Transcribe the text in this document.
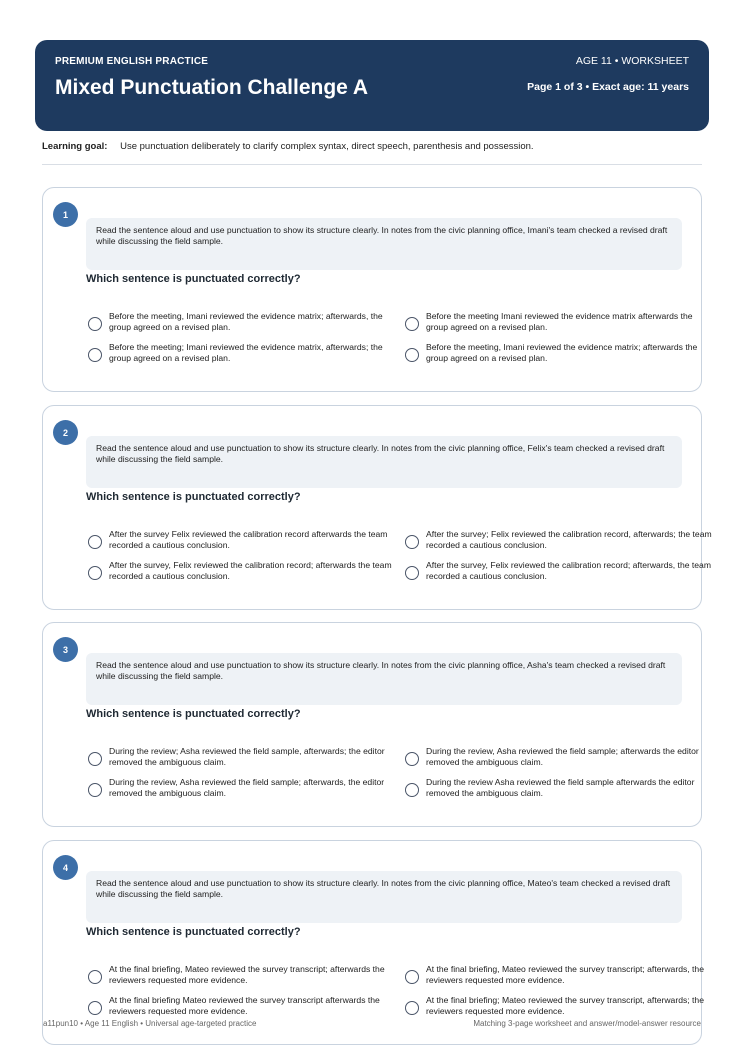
PREMIUM ENGLISH PRACTICE
Mixed Punctuation Challenge A
AGE 11 • WORKSHEET
Page 1 of 3 • Exact age: 11 years
Learning goal: Use punctuation deliberately to clarify complex syntax, direct speech, parenthesis and possession.
1
Read the sentence aloud and use punctuation to show its structure clearly. In notes from the civic planning office, Imani's team checked a revised draft while discussing the field sample.
Which sentence is punctuated correctly?
Before the meeting, Imani reviewed the evidence matrix; afterwards, the group agreed on a revised plan.
Before the meeting Imani reviewed the evidence matrix afterwards the group agreed on a revised plan.
Before the meeting; Imani reviewed the evidence matrix, afterwards; the group agreed on a revised plan.
Before the meeting, Imani reviewed the evidence matrix; afterwards the group agreed on a revised plan.
2
Read the sentence aloud and use punctuation to show its structure clearly. In notes from the civic planning office, Felix's team checked a revised draft while discussing the field sample.
Which sentence is punctuated correctly?
After the survey Felix reviewed the calibration record afterwards the team recorded a cautious conclusion.
After the survey; Felix reviewed the calibration record, afterwards; the team recorded a cautious conclusion.
After the survey, Felix reviewed the calibration record; afterwards the team recorded a cautious conclusion.
After the survey, Felix reviewed the calibration record; afterwards, the team recorded a cautious conclusion.
3
Read the sentence aloud and use punctuation to show its structure clearly. In notes from the civic planning office, Asha's team checked a revised draft while discussing the field sample.
Which sentence is punctuated correctly?
During the review; Asha reviewed the field sample, afterwards; the editor removed the ambiguous claim.
During the review, Asha reviewed the field sample; afterwards the editor removed the ambiguous claim.
During the review, Asha reviewed the field sample; afterwards, the editor removed the ambiguous claim.
During the review Asha reviewed the field sample afterwards the editor removed the ambiguous claim.
4
Read the sentence aloud and use punctuation to show its structure clearly. In notes from the civic planning office, Mateo's team checked a revised draft while discussing the field sample.
Which sentence is punctuated correctly?
At the final briefing, Mateo reviewed the survey transcript; afterwards the reviewers requested more evidence.
At the final briefing, Mateo reviewed the survey transcript; afterwards, the reviewers requested more evidence.
At the final briefing Mateo reviewed the survey transcript afterwards the reviewers requested more evidence.
At the final briefing; Mateo reviewed the survey transcript, afterwards; the reviewers requested more evidence.
a11pun10 • Age 11 English • Universal age-targeted practice	Matching 3-page worksheet and answer/model-answer resource
